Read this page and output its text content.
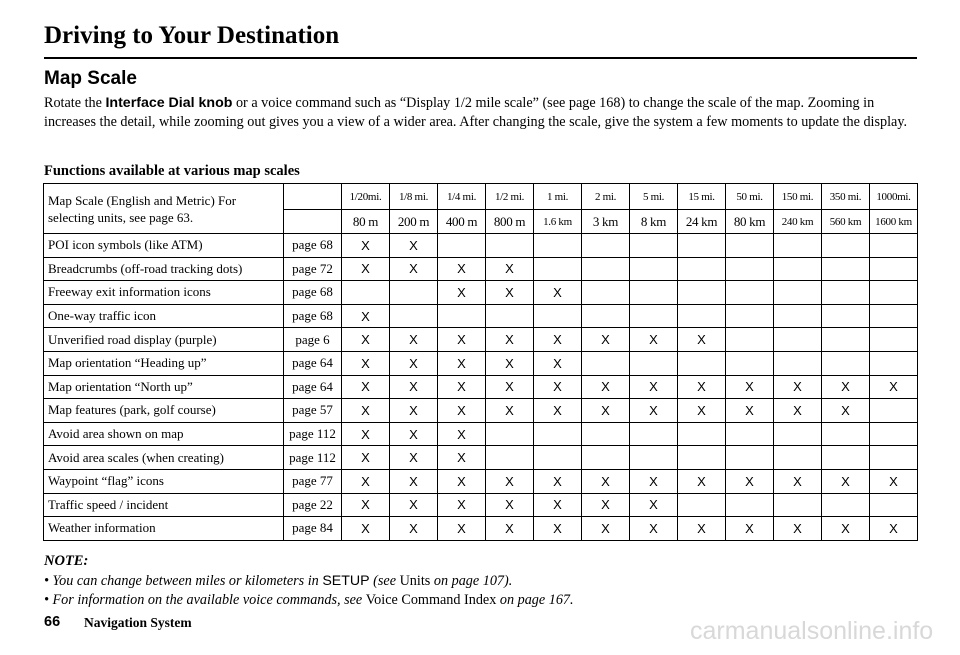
Driving to Your Destination
Map Scale
Rotate the Interface Dial knob or a voice command such as “Display 1/2 mile scale” (see page 168) to change the scale of the map. Zooming in increases the detail, while zooming out gives you a view of a wider area. After changing the scale, give the system a few moments to update the display.
Functions available at various map scales
Map Scale (English and Metric) For selecting units, see page 63.		1/20mi.	1/8 mi.	1/4 mi.	1/2 mi.	1 mi.	2 mi.	5 mi.	15 mi.	50 mi.	150 mi.	350 mi.	1000mi.
		80 m	200 m	400 m	800 m	1.6 km	3 km	8 km	24 km	80 km	240 km	560 km	1600 km
POI icon symbols (like ATM)	page 68	X	X										
Breadcrumbs (off-road tracking dots)	page 72	X	X	X	X								
Freeway exit information icons	page 68			X	X	X							
One-way traffic icon	page 68	X											
Unverified road display (purple)	page 6	X	X	X	X	X	X	X	X				
Map orientation “Heading up”	page 64	X	X	X	X	X							
Map orientation “North up”	page 64	X	X	X	X	X	X	X	X	X	X	X	X
Map features (park, golf course)	page 57	X	X	X	X	X	X	X	X	X	X	X	
Avoid area shown on map	page 112	X	X	X									
Avoid area scales (when creating)	page 112	X	X	X									
Waypoint “flag” icons	page 77	X	X	X	X	X	X	X	X	X	X	X	X
Traffic speed / incident	page 22	X	X	X	X	X	X	X					
Weather information	page 84	X	X	X	X	X	X	X	X	X	X	X	X
NOTE:
• You can change between miles or kilometers in SETUP (see Units on page 107).
• For information on the available voice commands, see Voice Command Index on page 167.
66 Navigation System	carmanualsonline.info
